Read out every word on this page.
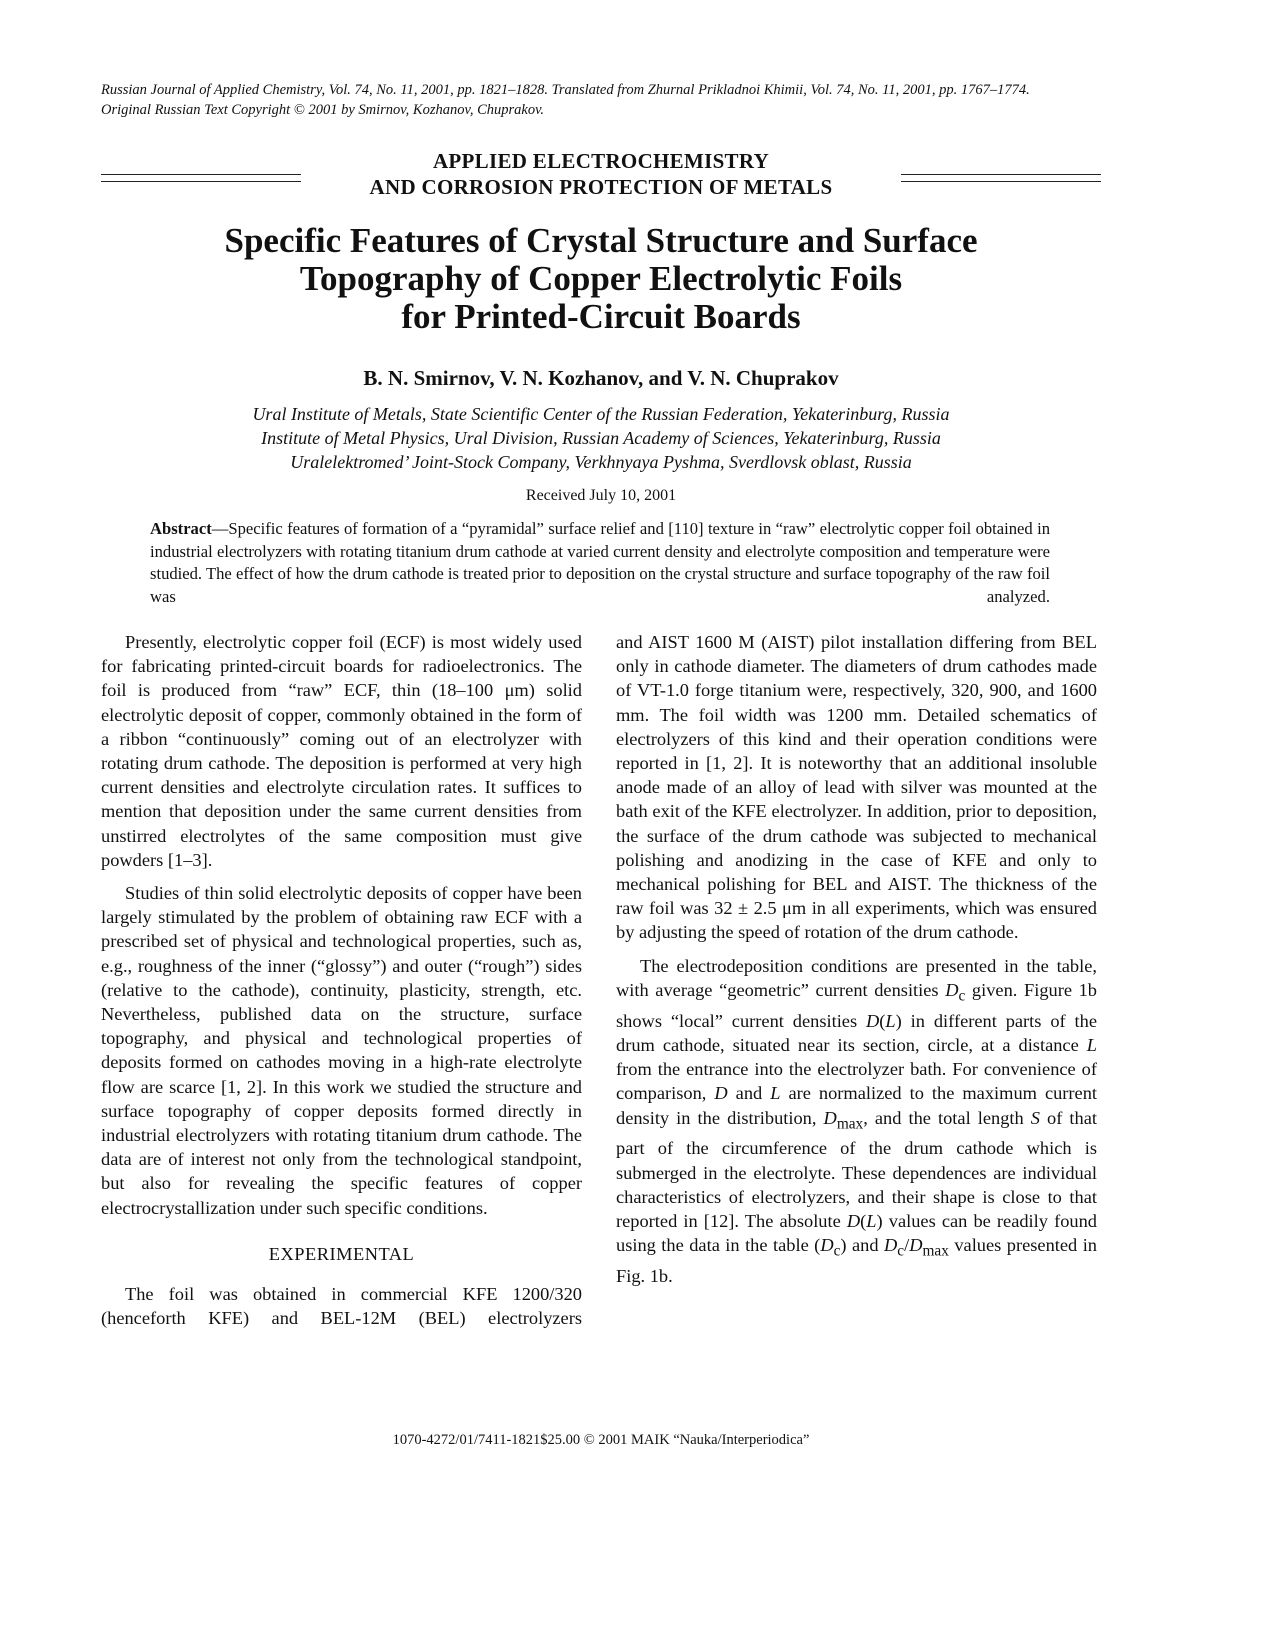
Russian Journal of Applied Chemistry, Vol. 74, No. 11, 2001, pp. 1821–1828. Translated from Zhurnal Prikladnoi Khimii, Vol. 74, No. 11, 2001, pp. 1767–1774.

Original Russian Text Copyright © 2001 by Smirnov, Kozhanov, Chuprakov.

APPLIED ELECTROCHEMISTRY
AND CORROSION PROTECTION OF METALS
Specific Features of Crystal Structure and Surface
Topography of Copper Electrolytic Foils
for Printed-Circuit Boards
B. N. Smirnov, V. N. Kozhanov, and V. N. Chuprakov
Ural Institute of Metals, State Scientific Center of the Russian Federation, Yekaterinburg, Russia
Institute of Metal Physics, Ural Division, Russian Academy of Sciences, Yekaterinburg, Russia
Uralelektromed’ Joint-Stock Company, Verkhnyaya Pyshma, Sverdlovsk oblast, Russia
Received July 10, 2001

Abstract—Specific features of formation of a “pyramidal” surface relief and [110] texture in “raw” electrolytic copper foil obtained in industrial electrolyzers with rotating titanium drum cathode at varied current density and electrolyte composition and temperature were studied. The effect of how the drum cathode is treated prior to deposition on the crystal structure and surface topography of the raw foil was analyzed.

Presently, electrolytic copper foil (ECF) is most widely used for fabricating printed-circuit boards for radioelectronics. The foil is produced from “raw” ECF, thin (18–100 μm) solid electrolytic deposit of copper, commonly obtained in the form of a ribbon “continuously” coming out of an electrolyzer with rotating drum cathode. The deposition is performed at very high current densities and electrolyte circulation rates. It suffices to mention that deposition under the same current densities from unstirred electrolytes of the same composition must give powders [1–3].

Studies of thin solid electrolytic deposits of copper have been largely stimulated by the problem of obtaining raw ECF with a prescribed set of physical and technological properties, such as, e.g., roughness of the inner (“glossy”) and outer (“rough”) sides (relative to the cathode), continuity, plasticity, strength, etc. Nevertheless, published data on the structure, surface topography, and physical and technological properties of deposits formed on cathodes moving in a high-rate electrolyte flow are scarce [1, 2]. In this work we studied the structure and surface topography of copper deposits formed directly in industrial electrolyzers with rotating titanium drum cathode. The data are of interest not only from the technological standpoint, but also for revealing the specific features of copper electrocrystallization under such specific conditions.

EXPERIMENTAL

The foil was obtained in commercial KFE 1200/320 (henceforth KFE) and BEL-12M (BEL) electrolyzers

and AIST 1600 M (AIST) pilot installation differing from BEL only in cathode diameter. The diameters of drum cathodes made of VT-1.0 forge titanium were, respectively, 320, 900, and 1600 mm. The foil width was 1200 mm. Detailed schematics of electrolyzers of this kind and their operation conditions were reported in [1, 2]. It is noteworthy that an additional insoluble anode made of an alloy of lead with silver was mounted at the bath exit of the KFE electrolyzer. In addition, prior to deposition, the surface of the drum cathode was subjected to mechanical polishing and anodizing in the case of KFE and only to mechanical polishing for BEL and AIST. The thickness of the raw foil was 32 ± 2.5 μm in all experiments, which was ensured by adjusting the speed of rotation of the drum cathode.

The electrodeposition conditions are presented in the table, with average “geometric” current densities $D_c$ given. Figure 1b shows “local” current densities D(L) in different parts of the drum cathode, situated near its section, circle, at a distance L from the entrance into the electrolyzer bath. For convenience of comparison, D and L are normalized to the maximum current density in the distribution, $D_{max}$, and the total length S of that part of the circumference of the drum cathode which is submerged in the electrolyte. These dependences are individual characteristics of electrolyzers, and their shape is close to that reported in [12]. The absolute D(L) values can be readily found using the data in the table $(D_c)$ and $D_c/D_{max}$ values presented in Fig. 1b.

1070-4272/01/7411-1821$25.00 © 2001 MAIK “Nauka/Interperiodica”
